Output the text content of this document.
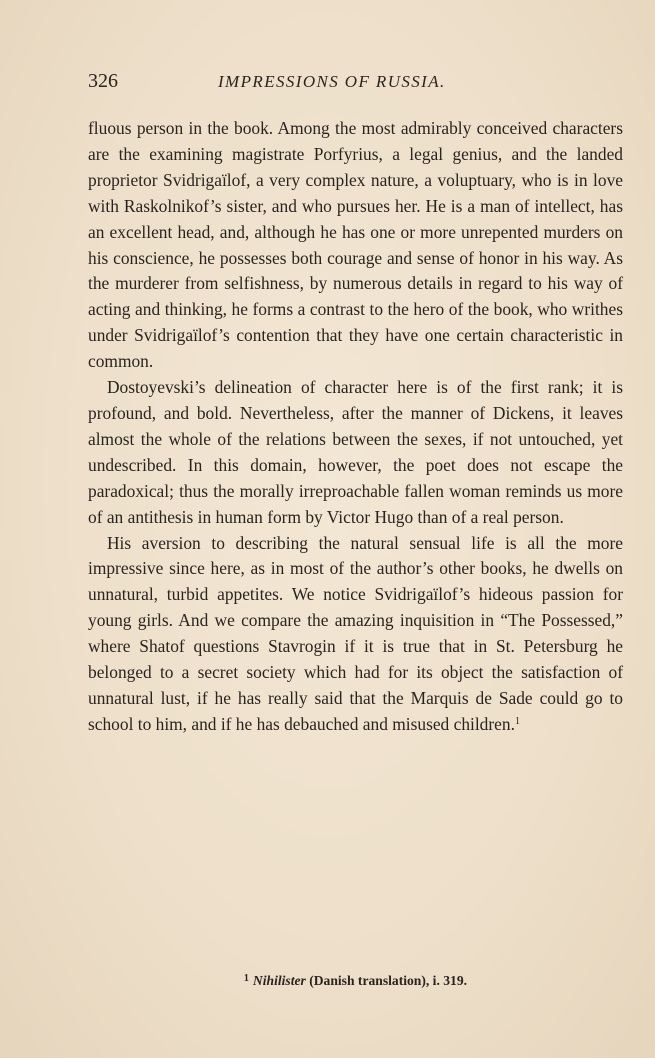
326	IMPRESSIONS OF RUSSIA.

fluous person in the book. Among the most admirably conceived characters are the examining magistrate Porfyrius, a legal genius, and the landed proprietor Svidrigaïlof, a very complex nature, a voluptuary, who is in love with Raskolnikof’s sister, and who pursues her. He is a man of intellect, has an excellent head, and, although he has one or more unrepented murders on his conscience, he possesses both courage and sense of honor in his way. As the murderer from selfishness, by numerous details in regard to his way of acting and thinking, he forms a contrast to the hero of the book, who writhes under Svidrigaïlof’s contention that they have one certain characteristic in common.

Dostoyevski’s delineation of character here is of the first rank; it is profound, and bold. Nevertheless, after the manner of Dickens, it leaves almost the whole of the relations between the sexes, if not untouched, yet undescribed. In this domain, however, the poet does not escape the paradoxical; thus the morally irreproachable fallen woman reminds us more of an antithesis in human form by Victor Hugo than of a real person.

His aversion to describing the natural sensual life is all the more impressive since here, as in most of the author’s other books, he dwells on unnatural, turbid appetites. We notice Svidrigaïlof’s hideous passion for young girls. And we compare the amazing inquisition in “The Possessed,” where Shatof questions Stavrogin if it is true that in St. Petersburg he belonged to a secret society which had for its object the satisfaction of unnatural lust, if he has really said that the Marquis de Sade could go to school to him, and if he has debauched and misused children.$^1$

$^1$ Nihilister (Danish translation), i. 319.
